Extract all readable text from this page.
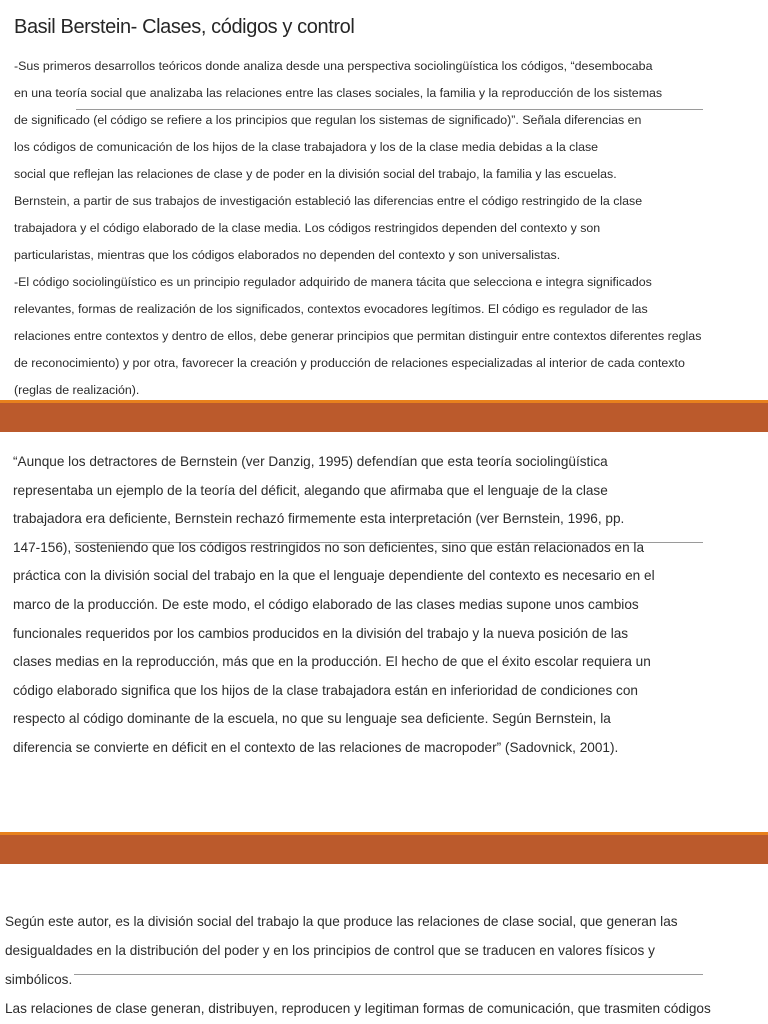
Basil Berstein- Clases, códigos y control
-Sus primeros desarrollos teóricos donde analiza desde una perspectiva sociolingüística los códigos, “desembocaba
en una teoría social que analizaba las relaciones entre las clases sociales, la familia y la reproducción de los sistemas
de significado (el código se refiere a los principios que regulan los sistemas de significado)”. Señala diferencias en
los códigos de comunicación de los hijos de la clase trabajadora y los de la clase media debidas a la clase
social que reflejan las relaciones de clase y de poder en la división social del trabajo, la familia y las escuelas.
Bernstein, a partir de sus trabajos de investigación estableció las diferencias entre el código restringido de la clase
trabajadora y el código elaborado de la clase media. Los códigos restringidos dependen del contexto y son
particularistas, mientras que los códigos elaborados no dependen del contexto y son universalistas.
-El código sociolingüístico es un principio regulador adquirido de manera tácita que selecciona e integra significados
relevantes, formas de realización de los significados, contextos evocadores legítimos. El código es regulador de las
relaciones entre contextos y dentro de ellos, debe generar principios que permitan distinguir entre contextos diferentes reglas
de reconocimiento) y por otra, favorecer la creación y producción de relaciones especializadas al interior de cada contexto
(reglas de realización).
“Aunque los detractores de Bernstein (ver Danzig, 1995) defendían que esta teoría sociolingüística
representaba un ejemplo de la teoría del déficit, alegando que afirmaba que el lenguaje de la clase
trabajadora era deficiente, Bernstein rechazó firmemente esta interpretación (ver Bernstein, 1996, pp.
147-156), sosteniendo que los códigos restringidos no son deficientes, sino que están relacionados en la
práctica con la división social del trabajo en la que el lenguaje dependiente del contexto es necesario en el
marco de la producción. De este modo, el código elaborado de las clases medias supone unos cambios
funcionales requeridos por los cambios producidos en la división del trabajo y la nueva posición de las
clases medias en la reproducción, más que en la producción. El hecho de que el éxito escolar requiera un
código elaborado significa que los hijos de la clase trabajadora están en inferioridad de condiciones con
respecto al código dominante de la escuela, no que su lenguaje sea deficiente. Según Bernstein, la
diferencia se convierte en déficit en el contexto de las relaciones de macropoder” (Sadovnick, 2001).
Según este autor, es la división social del trabajo la que produce las relaciones de clase social, que generan las
desigualdades en la distribución del poder y en los principios de control que se traducen en valores físicos y
simbólicos.
Las relaciones de clase generan, distribuyen, reproducen y legitiman formas de comunicación, que trasmiten códigos
